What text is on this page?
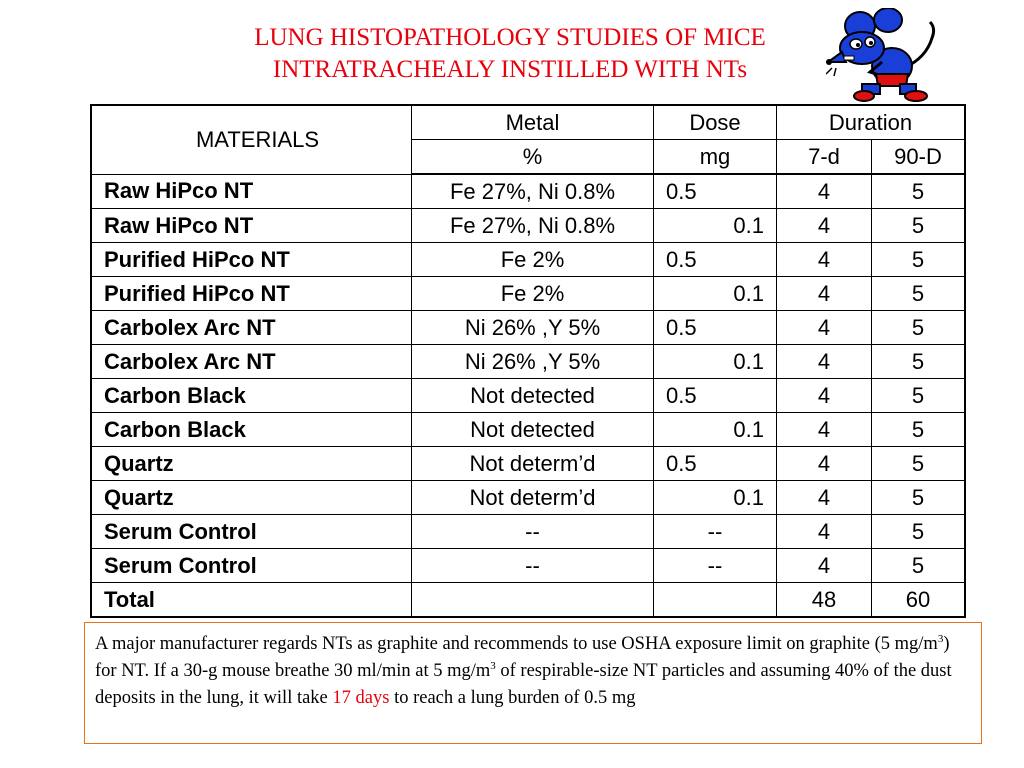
LUNG HISTOPATHOLOGY STUDIES OF MICE
INTRATRACHEALY INSTILLED WITH NTs
MATERIALS	Metal	Dose	Duration	
	%	mg	7-d	90-D
Raw HiPco NT	Fe 27%, Ni 0.8%	0.5	4	5
Raw HiPco NT	Fe 27%, Ni 0.8%	0.1	4	5
Purified HiPco NT	Fe 2%	0.5	4	5
Purified HiPco NT	Fe 2%	0.1	4	5
Carbolex Arc NT	Ni 26% ,Y 5%	0.5	4	5
Carbolex Arc NT	Ni 26% ,Y 5%	0.1	4	5
Carbon Black	Not detected	0.5	4	5
Carbon Black	Not detected	0.1	4	5
Quartz	Not determ’d	0.5	4	5
Quartz	Not determ’d	0.1	4	5
Serum Control	--	--	4	5
Serum Control	--	--	4	5
Total			48	60
A major manufacturer regards NTs as graphite and recommends to use OSHA exposure limit on graphite (5 $mg/m^3$) for NT. If a 30-g mouse breathe 30 ml/min at 5 $mg/m^3$ of respirable-size NT particles and assuming 40% of the dust deposits in the lung, it will take 17 days to reach a lung burden of 0.5 mg
